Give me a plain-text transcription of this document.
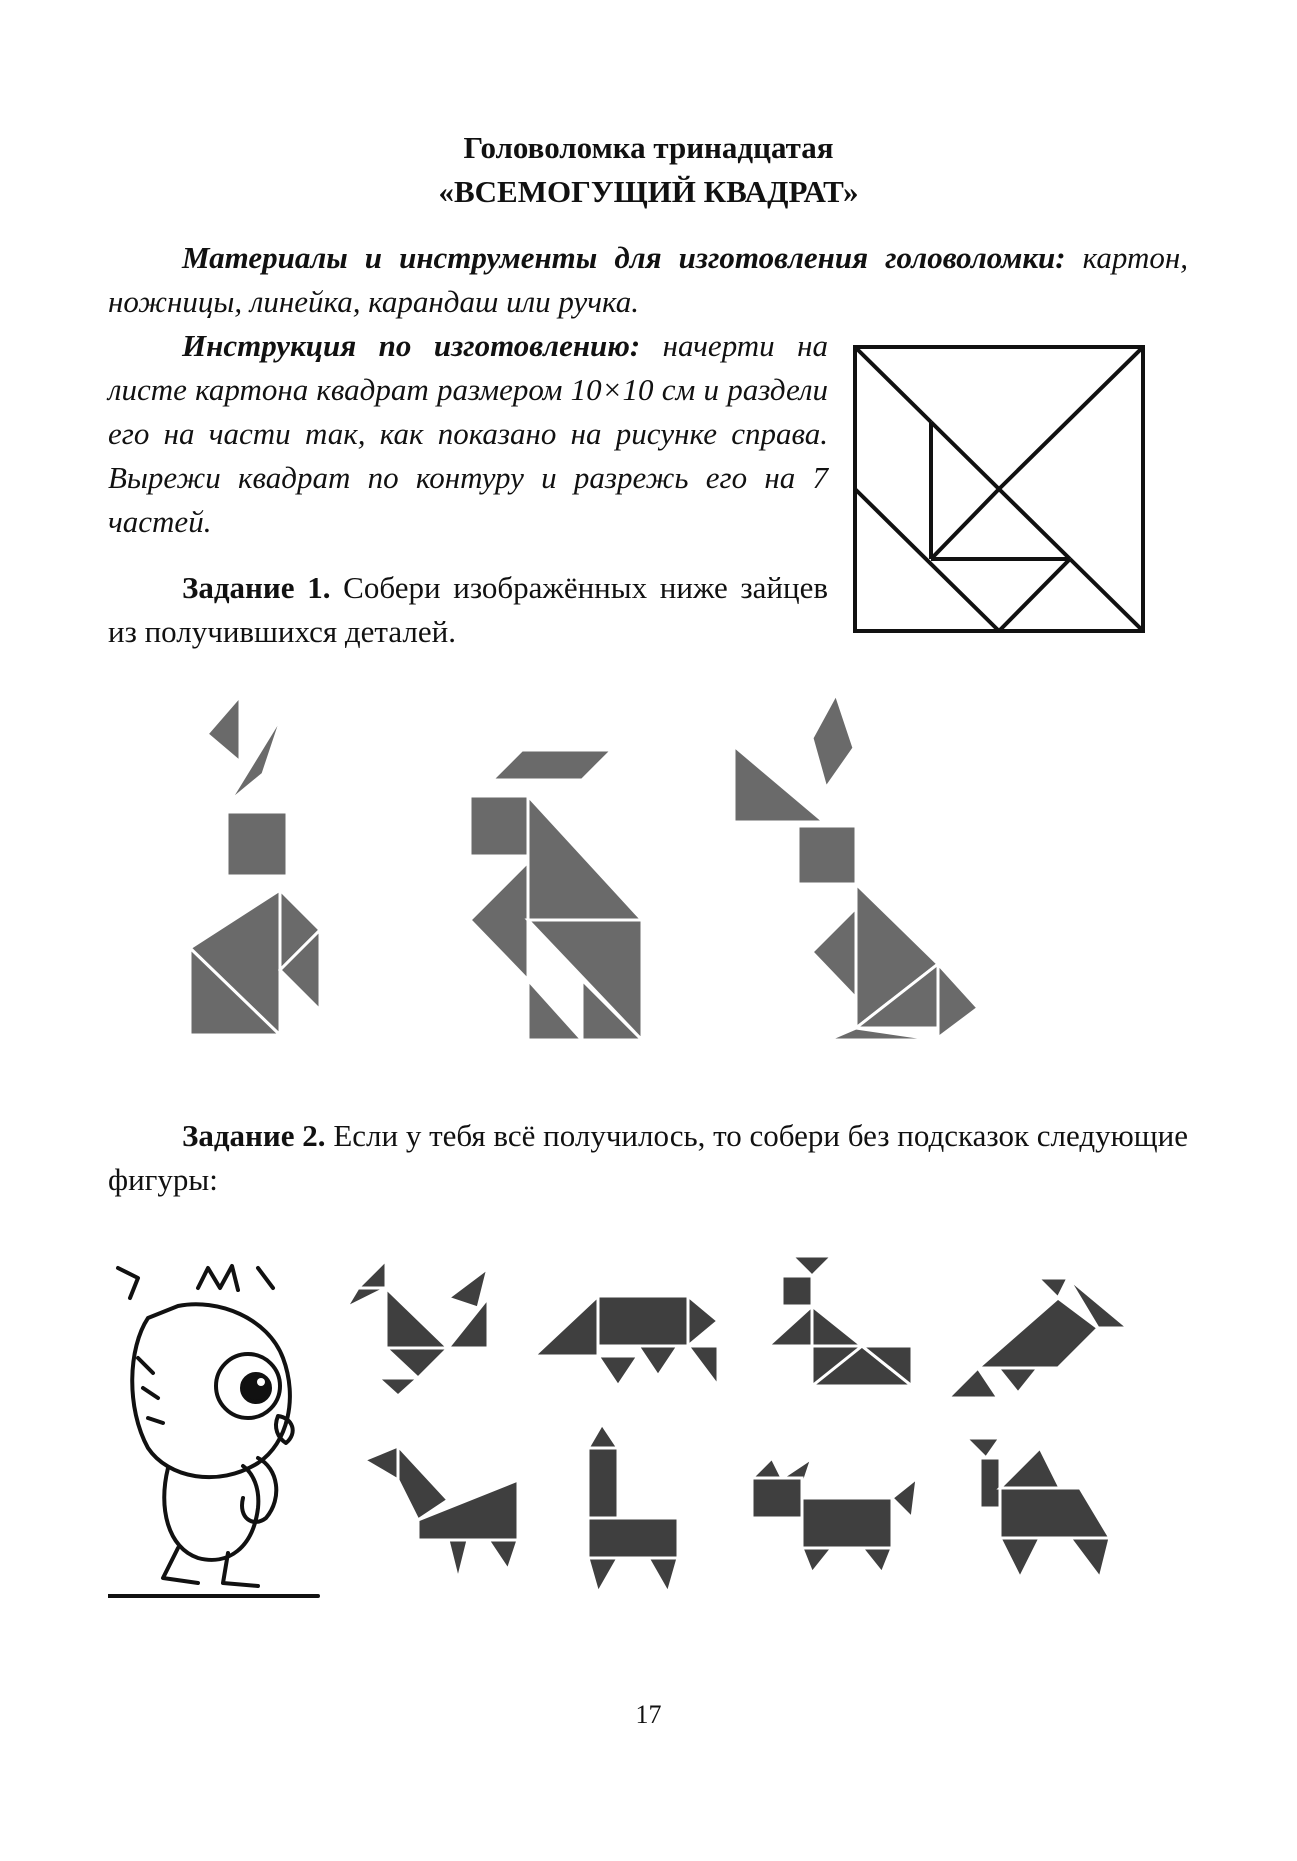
Головоломка тринадцатая
«ВСЕМОГУЩИЙ КВАДРАТ»
Материалы и инструменты для изготовления головоломки: картон, ножницы, линейка, карандаш или ручка.
Инструкция по изготовлению: начерти на листе картона квадрат размером 10×10 см и раздели его на части так, как показано на рисунке справа. Вырежи квадрат по контуру и разрежь его на 7 частей.
Задание 1. Собери изображённых ниже зайцев из получившихся деталей.
Задание 2. Если у тебя всё получилось, то собери без подсказок следующие фигуры:
17
